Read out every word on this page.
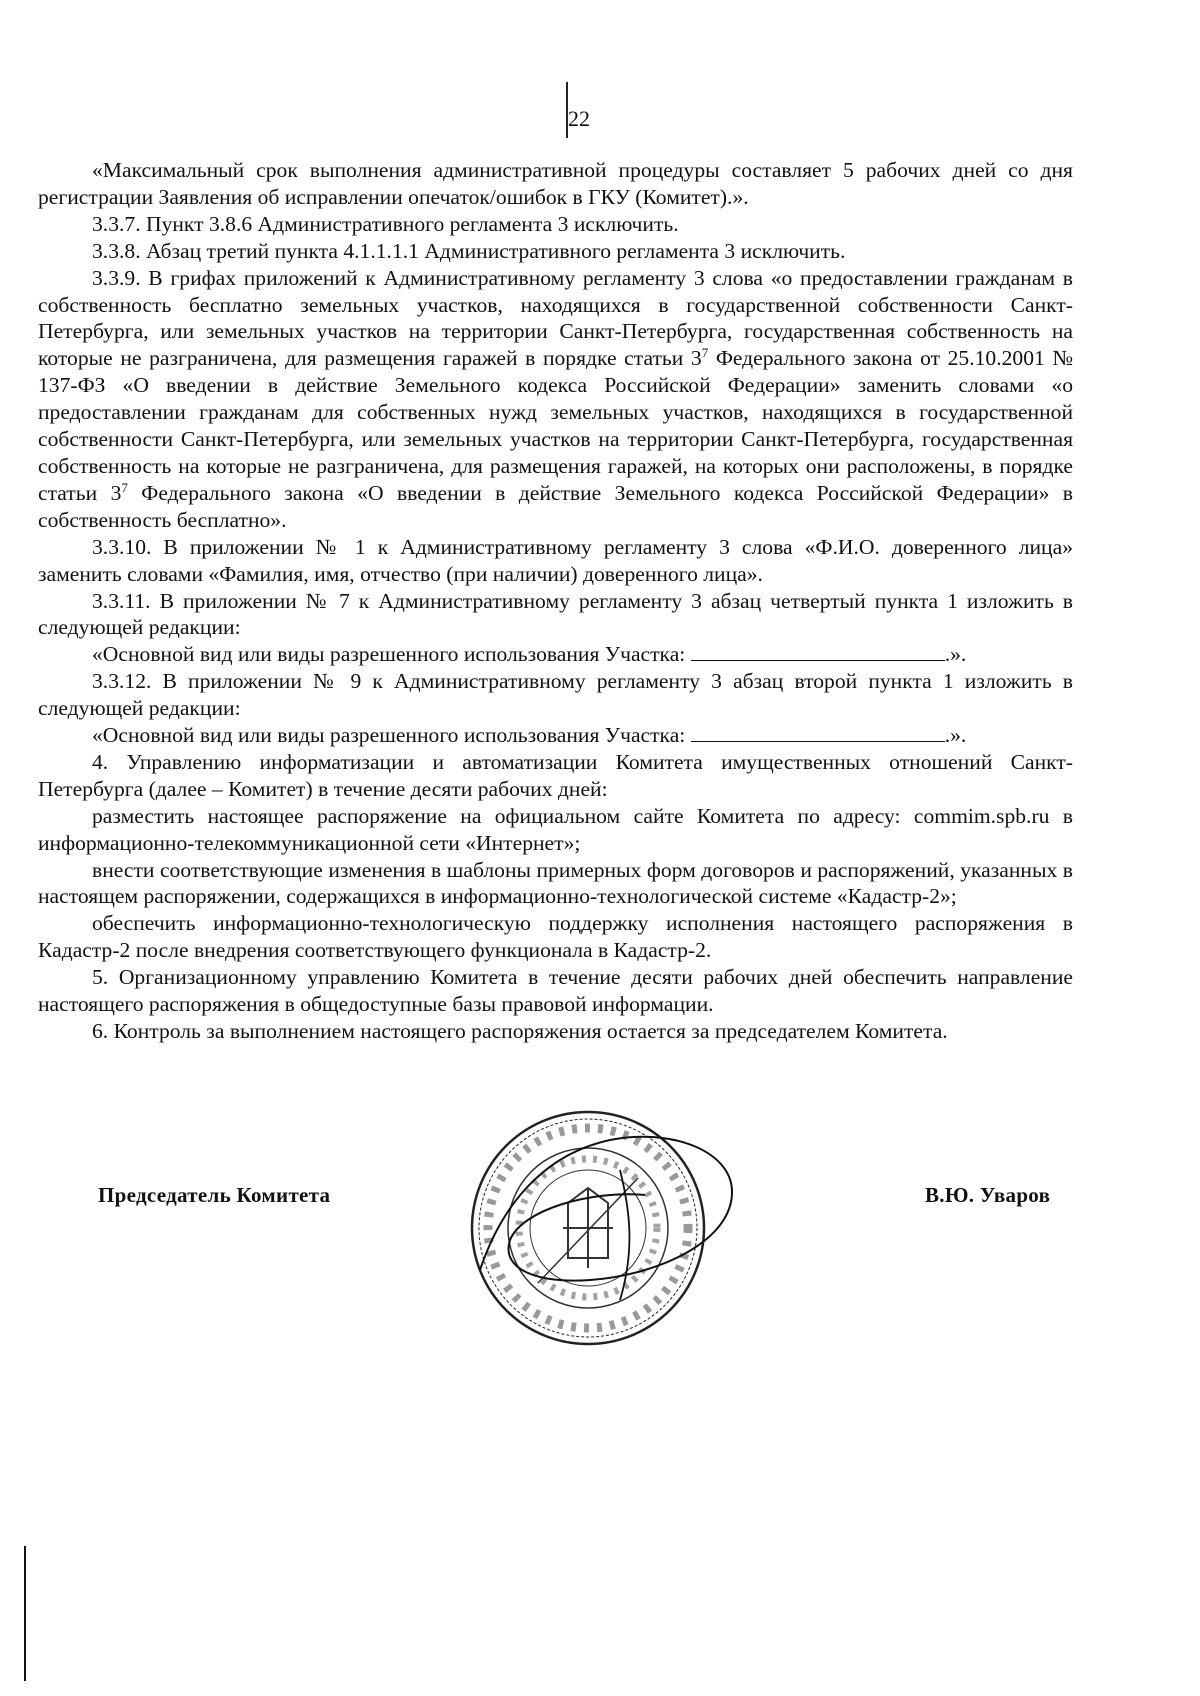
22

«Максимальный срок выполнения административной процедуры составляет 5 рабочих дней со дня регистрации Заявления об исправлении опечаток/ошибок в ГКУ (Комитет).».

3.3.7. Пункт 3.8.6 Административного регламента 3 исключить.

3.3.8. Абзац третий пункта 4.1.1.1.1 Административного регламента 3 исключить.

3.3.9. В грифах приложений к Административному регламенту 3 слова «о предоставлении гражданам в собственность бесплатно земельных участков, находящихся в государственной собственности Санкт-Петербурга, или земельных участков на территории Санкт-Петербурга, государственная собственность на которые не разграничена, для размещения гаражей в порядке статьи $3^7$ Федерального закона от 25.10.2001 № 137-ФЗ «О введении в действие Земельного кодекса Российской Федерации» заменить словами «о предоставлении гражданам для собственных нужд земельных участков, находящихся в государственной собственности Санкт-Петербурга, или земельных участков на территории Санкт-Петербурга, государственная собственность на которые не разграничена, для размещения гаражей, на которых они расположены, в порядке статьи $3^7$ Федерального закона «О введении в действие Земельного кодекса Российской Федерации» в собственность бесплатно».

3.3.10. В приложении № 1 к Административному регламенту 3 слова «Ф.И.О. доверенного лица» заменить словами «Фамилия, имя, отчество (при наличии) доверенного лица».

3.3.11. В приложении № 7 к Административному регламенту 3 абзац четвертый пункта 1 изложить в следующей редакции:

«Основной вид или виды разрешенного использования Участка:	.».

3.3.12. В приложении № 9 к Административному регламенту 3 абзац второй пункта 1 изложить в следующей редакции:

«Основной вид или виды разрешенного использования Участка:	.».

4. Управлению информатизации и автоматизации Комитета имущественных отношений Санкт-Петербурга (далее – Комитет) в течение десяти рабочих дней:

разместить настоящее распоряжение на официальном сайте Комитета по адресу: commim.spb.ru в информационно-телекоммуникационной сети «Интернет»;

внести соответствующие изменения в шаблоны примерных форм договоров и распоряжений, указанных в настоящем распоряжении, содержащихся в информационно-технологической системе «Кадастр-2»;

обеспечить информационно-технологическую поддержку исполнения настоящего распоряжения в Кадастр-2 после внедрения соответствующего функционала в Кадастр-2.

5. Организационному управлению Комитета в течение десяти рабочих дней обеспечить направление настоящего распоряжения в общедоступные базы правовой информации.

6. Контроль за выполнением настоящего распоряжения остается за председателем Комитета.

Председатель Комитета	В.Ю. Уваров
